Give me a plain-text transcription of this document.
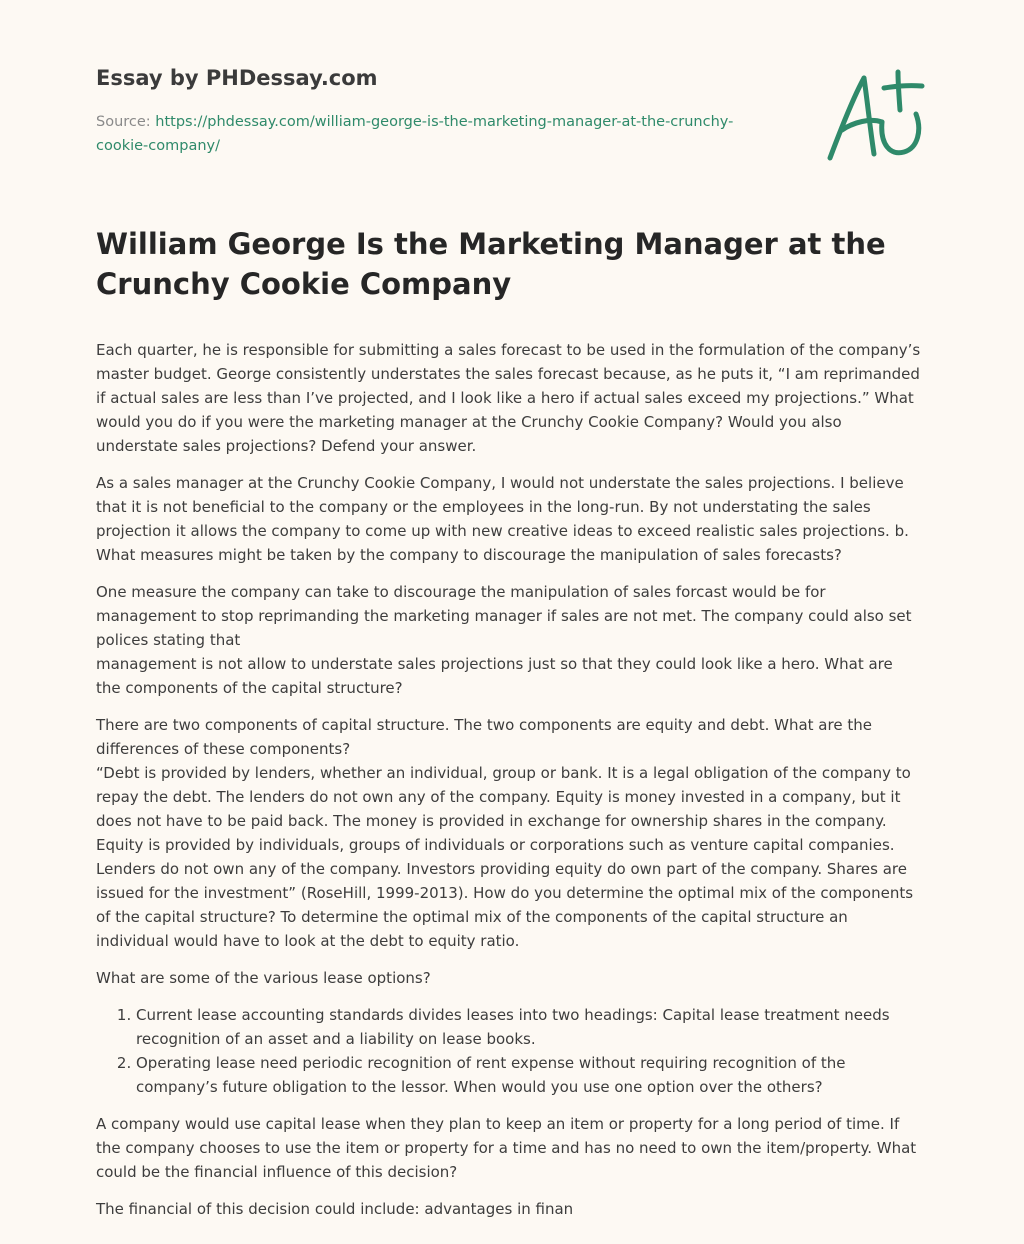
Essay by PHDessay.com
Source: https://phdessay.com/william-george-is-the-marketing-manager-at-the-crunchy-
cookie-company/
William George Is the Marketing Manager at the Crunchy Cookie Company

Each quarter, he is responsible for submitting a sales forecast to be used in the formulation of the company’s master budget. George consistently understates the sales forecast because, as he puts it, “I am reprimanded if actual sales are less than I’ve projected, and I look like a hero if actual sales exceed my projections.” What would you do if you were the marketing manager at the Crunchy Cookie Company? Would you also understate sales projections? Defend your answer.

As a sales manager at the Crunchy Cookie Company, I would not understate the sales projections. I believe that it is not beneficial to the company or the employees in the long-run. By not understating the sales projection it allows the company to come up with new creative ideas to exceed realistic sales projections. b. What measures might be taken by the company to discourage the manipulation of sales forecasts?

One measure the company can take to discourage the manipulation of sales forcast would be for management to stop reprimanding the marketing manager if sales are not met. The company could also set polices stating that
management is not allow to understate sales projections just so that they could look like a hero. What are the components of the capital structure?

There are two components of capital structure. The two components are equity and debt. What are the differences of these components?
“Debt is provided by lenders, whether an individual, group or bank. It is a legal obligation of the company to repay the debt. The lenders do not own any of the company. Equity is money invested in a company, but it does not have to be paid back. The money is provided in exchange for ownership shares in the company. Equity is provided by individuals, groups of individuals or corporations such as venture capital companies. Lenders do not own any of the company. Investors providing equity do own part of the company. Shares are issued for the investment” (RoseHill, 1999-2013). How do you determine the optimal mix of the components of the capital structure? To determine the optimal mix of the components of the capital structure an individual would have to look at the debt to equity ratio.

What are some of the various lease options?

1. Current lease accounting standards divides leases into two headings: Capital lease treatment needs recognition of an asset and a liability on lease books.
2. Operating lease need periodic recognition of rent expense without requiring recognition of the company’s future obligation to the lessor. When would you use one option over the others?

A company would use capital lease when they plan to keep an item or property for a long period of time. If the company chooses to use the item or property for a time and has no need to own the item/property. What could be the financial influence of this decision?

The financial of this decision could include: advantages in finan
